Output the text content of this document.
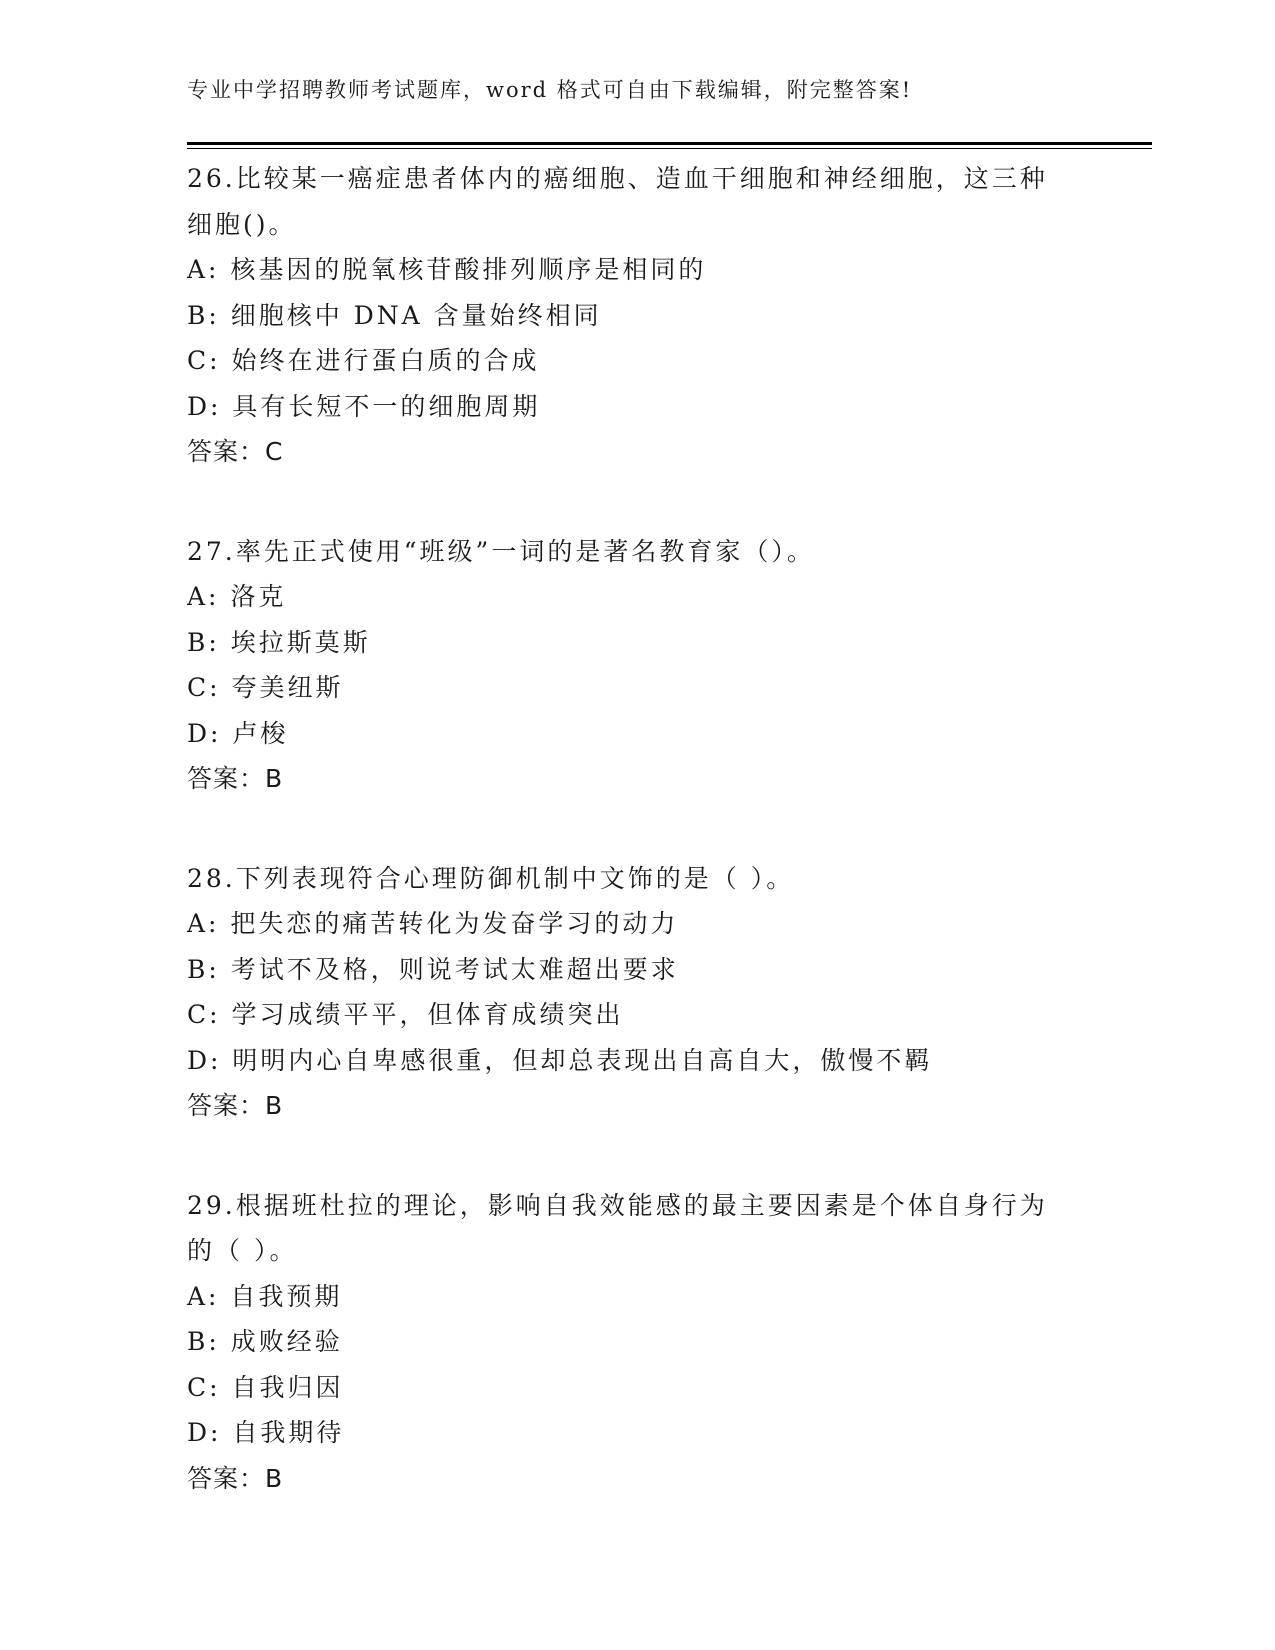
专业中学招聘教师考试题库，word 格式可自由下载编辑，附完整答案!
26.比较某一癌症患者体内的癌细胞、造血干细胞和神经细胞，这三种
细胞()。
A: 核基因的脱氧核苷酸排列顺序是相同的
B: 细胞核中 DNA 含量始终相同
C: 始终在进行蛋白质的合成
D: 具有长短不一的细胞周期
答案：C
27.率先正式使用“班级”一词的是著名教育家（）。
A: 洛克
B: 埃拉斯莫斯
C: 夸美纽斯
D: 卢梭
答案：B
28.下列表现符合心理防御机制中文饰的是（ ）。
A: 把失恋的痛苦转化为发奋学习的动力
B: 考试不及格，则说考试太难超出要求
C: 学习成绩平平，但体育成绩突出
D: 明明内心自卑感很重，但却总表现出自高自大，傲慢不羁
答案：B
29.根据班杜拉的理论，影响自我效能感的最主要因素是个体自身行为
的（ ）。
A: 自我预期
B: 成败经验
C: 自我归因
D: 自我期待
答案：B
